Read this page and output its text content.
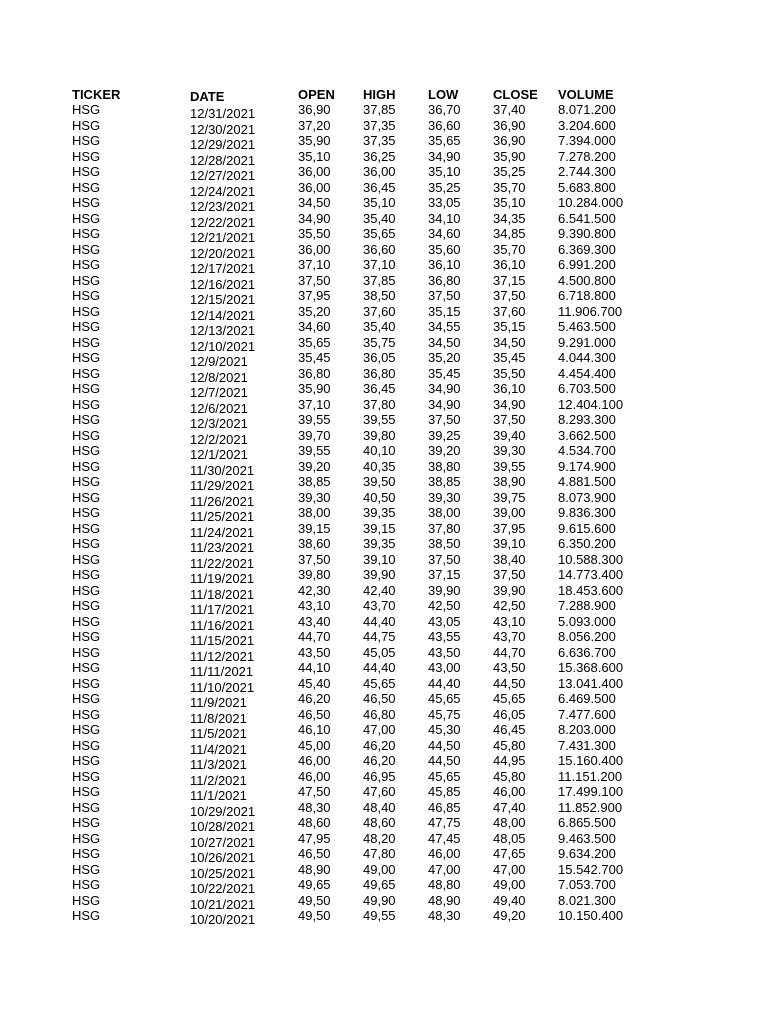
TICKER	DATE	OPEN HIGH	LOW	CLOSE VOLUME
HSG	12/31/2021	36,90 37,85 36,70 37,40 8.071.200
HSG	12/30/2021	37,20 37,35 36,60 36,90 3.204.600
HSG	12/29/2021	35,90 37,35 35,65 36,90 7.394.000
HSG	12/28/2021	35,10 36,25 34,90 35,90 7.278.200
HSG	12/27/2021	36,00 36,00 35,10 35,25 2.744.300
HSG	12/24/2021	36,00 36,45 35,25 35,70 5.683.800
HSG	12/23/2021	34,50 35,10 33,05 35,10 10.284.000
HSG	12/22/2021	34,90 35,40 34,10 34,35 6.541.500
HSG	12/21/2021	35,50 35,65 34,60 34,85 9.390.800
HSG	12/20/2021	36,00 36,60 35,60 35,70 6.369.300
HSG	12/17/2021	37,10 37,10 36,10 36,10 6.991.200
HSG	12/16/2021	37,50 37,85 36,80 37,15 4.500.800
HSG	12/15/2021	37,95 38,50 37,50 37,50 6.718.800
HSG	12/14/2021	35,20 37,60 35,15 37,60 11.906.700
HSG	12/13/2021	34,60 35,40 34,55 35,15 5.463.500
HSG	12/10/2021	35,65 35,75 34,50 34,50 9.291.000
HSG	12/9/2021	35,45 36,05 35,20 35,45 4.044.300
HSG	12/8/2021	36,80 36,80 35,45 35,50 4.454.400
HSG	12/7/2021	35,90 36,45 34,90 36,10 6.703.500
HSG	12/6/2021	37,10 37,80 34,90 34,90 12.404.100
HSG	12/3/2021	39,55 39,55 37,50 37,50 8.293.300
HSG	12/2/2021	39,70 39,80 39,25 39,40 3.662.500
HSG	12/1/2021	39,55 40,10 39,20 39,30 4.534.700
HSG	11/30/2021	39,20 40,35 38,80 39,55 9.174.900
HSG	11/29/2021	38,85 39,50 38,85 38,90 4.881.500
HSG	11/26/2021	39,30 40,50 39,30 39,75 8.073.900
HSG	11/25/2021	38,00 39,35 38,00 39,00 9.836.300
HSG	11/24/2021	39,15 39,15 37,80 37,95 9.615.600
HSG	11/23/2021	38,60 39,35 38,50 39,10 6.350.200
HSG	11/22/2021	37,50 39,10 37,50 38,40 10.588.300
HSG	11/19/2021	39,80 39,90 37,15 37,50 14.773.400
HSG	11/18/2021	42,30 42,40 39,90 39,90 18.453.600
HSG	11/17/2021	43,10 43,70 42,50 42,50 7.288.900
HSG	11/16/2021	43,40 44,40 43,05 43,10 5.093.000
HSG	11/15/2021	44,70 44,75 43,55 43,70 8.056.200
HSG	11/12/2021	43,50 45,05 43,50 44,70 6.636.700
HSG	11/11/2021	44,10 44,40 43,00 43,50 15.368.600
HSG	11/10/2021	45,40 45,65 44,40 44,50 13.041.400
HSG	11/9/2021	46,20 46,50 45,65 45,65 6.469.500
HSG	11/8/2021	46,50 46,80 45,75 46,05 7.477.600
HSG	11/5/2021	46,10 47,00 45,30 46,45 8.203.000
HSG	11/4/2021	45,00 46,20 44,50 45,80 7.431.300
HSG	11/3/2021	46,00 46,20 44,50 44,95 15.160.400
HSG	11/2/2021	46,00 46,95 45,65 45,80 11.151.200
HSG	11/1/2021	47,50 47,60 45,85 46,00 17.499.100
HSG	10/29/2021	48,30 48,40 46,85 47,40 11.852.900
HSG	10/28/2021	48,60 48,60 47,75 48,00 6.865.500
HSG	10/27/2021	47,95 48,20 47,45 48,05 9.463.500
HSG	10/26/2021	46,50 47,80 46,00 47,65 9.634.200
HSG	10/25/2021	48,90 49,00 47,00 47,00 15.542.700
HSG	10/22/2021	49,65 49,65 48,80 49,00 7.053.700
HSG	10/21/2021	49,50 49,90 48,90 49,40 8.021.300
HSG	10/20/2021	49,50 49,55 48,30 49,20 10.150.400
